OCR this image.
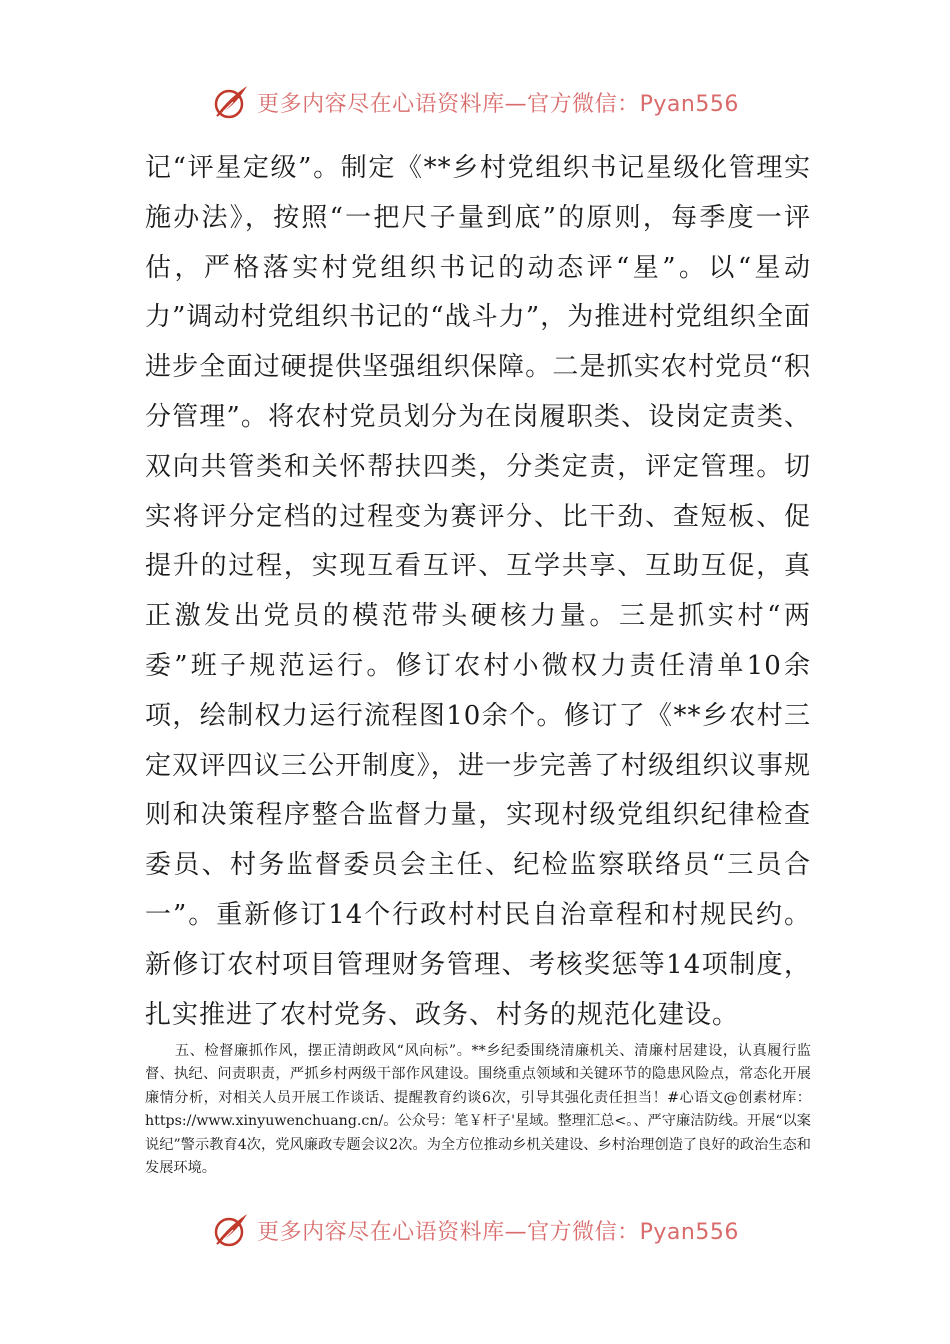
更多内容尽在心语资料库—官方微信：Pyan556

记“评星定级”。制定《**乡村党组织书记星级化管理实施办法》，按照“一把尺子量到底”的原则，每季度一评估，严格落实村党组织书记的动态评“星”。以“星动力”调动村党组织书记的“战斗力”，为推进村党组织全面进步全面过硬提供坚强组织保障。二是抓实农村党员“积分管理”。将农村党员划分为在岗履职类、设岗定责类、双向共管类和关怀帮扶四类，分类定责，评定管理。切实将评分定档的过程变为赛评分、比干劲、查短板、促提升的过程，实现互看互评、互学共享、互助互促，真正激发出党员的模范带头硬核力量。三是抓实村“两委”班子规范运行。修订农村小微权力责任清单10余项，绘制权力运行流程图10余个。修订了《**乡农村三定双评四议三公开制度》，进一步完善了村级组织议事规则和决策程序整合监督力量，实现村级党组织纪律检查委员、村务监督委员会主任、纪检监察联络员“三员合一”。重新修订14个行政村村民自治章程和村规民约。新修订农村项目管理财务管理、考核奖惩等14项制度，扎实推进了农村党务、政务、村务的规范化建设。

五、检督廉抓作风，摆正清朗政风“风向标”。**乡纪委围绕清廉机关、清廉村居建设，认真履行监督、执纪、问责职责，严抓乡村两级干部作风建设。围绕重点领域和关键环节的隐患风险点，常态化开展廉情分析，对相关人员开展工作谈话、提醒教育约谈6次，引导其强化责任担当！#心语文@创素材库：https://www.xinyuwenchuang.cn/。公众号：笔￥杆子'星域。整理汇总<。、严守廉洁防线。开展“以案说纪”警示教育4次，党风廉政专题会议2次。为全方位推动乡机关建设、乡村治理创造了良好的政治生态和发展环境。

更多内容尽在心语资料库—官方微信：Pyan556
